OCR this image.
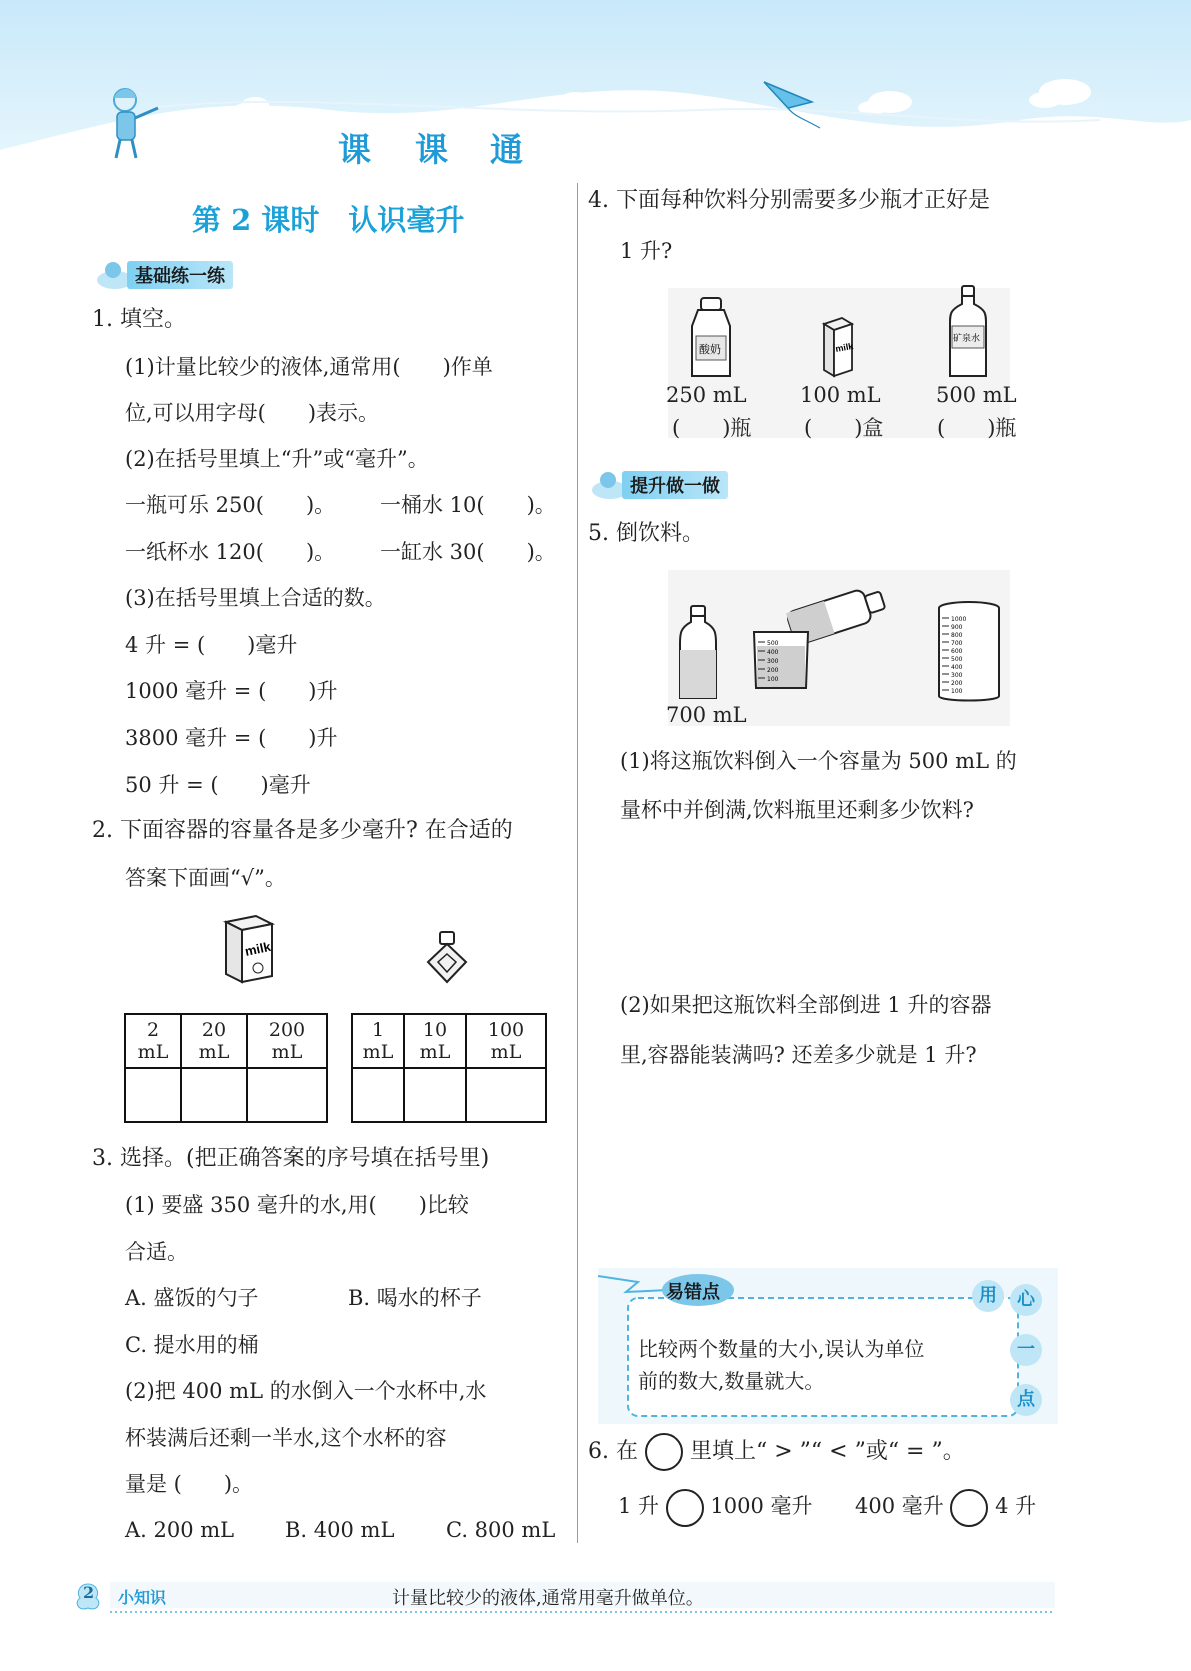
课 课 通
第 2 课时　认识毫升
基础练一练
1. 填空。
(1)计量比较少的液体,通常用(　　)作单
位,可以用字母(　　)表示。
(2)在括号里填上“升”或“毫升”。
一瓶可乐 250(　　)。 一桶水 10(　　)。
一纸杯水 120(　　)。 一缸水 30(　　)。
(3)在括号里填上合适的数。
4 升 = (　　)毫升
1000 毫升 = (　　)升
3800 毫升 = (　　)升
50 升 = (　　)毫升
2. 下面容器的容量各是多少毫升? 在合适的
答案下面画“√”。
milk
2 mL	20 mL	200 mL

1 mL	10 mL	100 mL

3. 选择。(把正确答案的序号填在括号里)
(1) 要盛 350 毫升的水,用(　　)比较
合适。
A. 盛饭的勺子	B. 喝水的杯子
C. 提水用的桶
(2)把 400 mL 的水倒入一个水杯中,水
杯装满后还剩一半水,这个水杯的容
量是 (　　)。
A. 200 mL B. 400 mL C. 800 mL
4. 下面每种饮料分别需要多少瓶才正好是
1 升?
酸奶	milk
矿泉水
250 mL	100 mL	500 mL
(　　)瓶	(　　)盒	(　　)瓶
提升做一做
5. 倒饮料。
500
400
300
200
100
1000
900
800
700
600
500
400
300
200
100
700 mL
(1)将这瓶饮料倒入一个容量为 500 mL 的
量杯中并倒满,饮料瓶里还剩多少饮料?
(2)如果把这瓶饮料全部倒进 1 升的容器
里,容器能装满吗? 还差多少就是 1 升?
易错点
比较两个数量的大小,误认为单位
前的数大,数量就大。
用	心
一
点
6. 在 里填上“ > ”“ < ”或“ = ”。
1 升 1000 毫升 400 毫升 4 升
2 小知识	计量比较少的液体,通常用毫升做单位。
